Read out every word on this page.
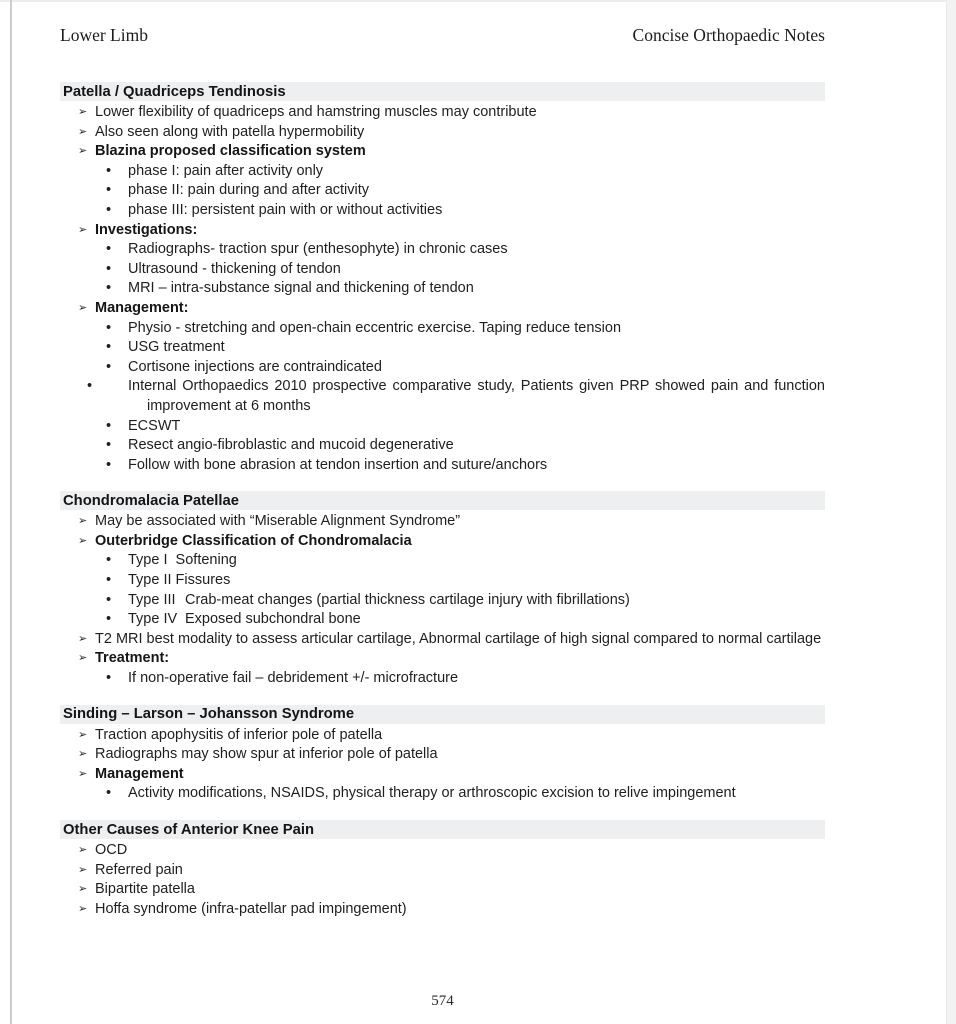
Lower Limb	Concise Orthopaedic Notes
Patella / Quadriceps Tendinosis
➢ Lower flexibility of quadriceps and hamstring muscles may contribute
➢ Also seen along with patella hypermobility
➢ Blazina proposed classification system
• phase I: pain after activity only
• phase II: pain during and after activity
• phase III: persistent pain with or without activities
➢ Investigations:
• Radiographs- traction spur (enthesophyte) in chronic cases
• Ultrasound - thickening of tendon
• MRI – intra-substance signal and thickening of tendon
➢ Management:
• Physio - stretching and open-chain eccentric exercise. Taping reduce tension
• USG treatment
• Cortisone injections are contraindicated
•	Internal Orthopaedics 2010 prospective comparative study, Patients given PRP showed pain and function improvement at 6 months
• ECSWT
• Resect angio-fibroblastic and mucoid degenerative
• Follow with bone abrasion at tendon insertion and suture/anchors
Chondromalacia Patellae
➢ May be associated with “Miserable Alignment Syndrome”
➢ Outerbridge Classification of Chondromalacia
• Type I  Softening
• Type II Fissures
• Type III Crab-meat changes (partial thickness cartilage injury with fibrillations)
• Type IV Exposed subchondral bone
➢ T2 MRI best modality to assess articular cartilage, Abnormal cartilage of high signal compared to normal cartilage
➢ Treatment:
• If non-operative fail – debridement +/- microfracture
Sinding – Larson – Johansson Syndrome
➢ Traction apophysitis of inferior pole of patella
➢ Radiographs may show spur at inferior pole of patella
➢ Management
• Activity modifications, NSAIDS, physical therapy or arthroscopic excision to relive impingement
Other Causes of Anterior Knee Pain
➢ OCD
➢ Referred pain
➢ Bipartite patella
➢ Hoffa syndrome (infra-patellar pad impingement)
574
